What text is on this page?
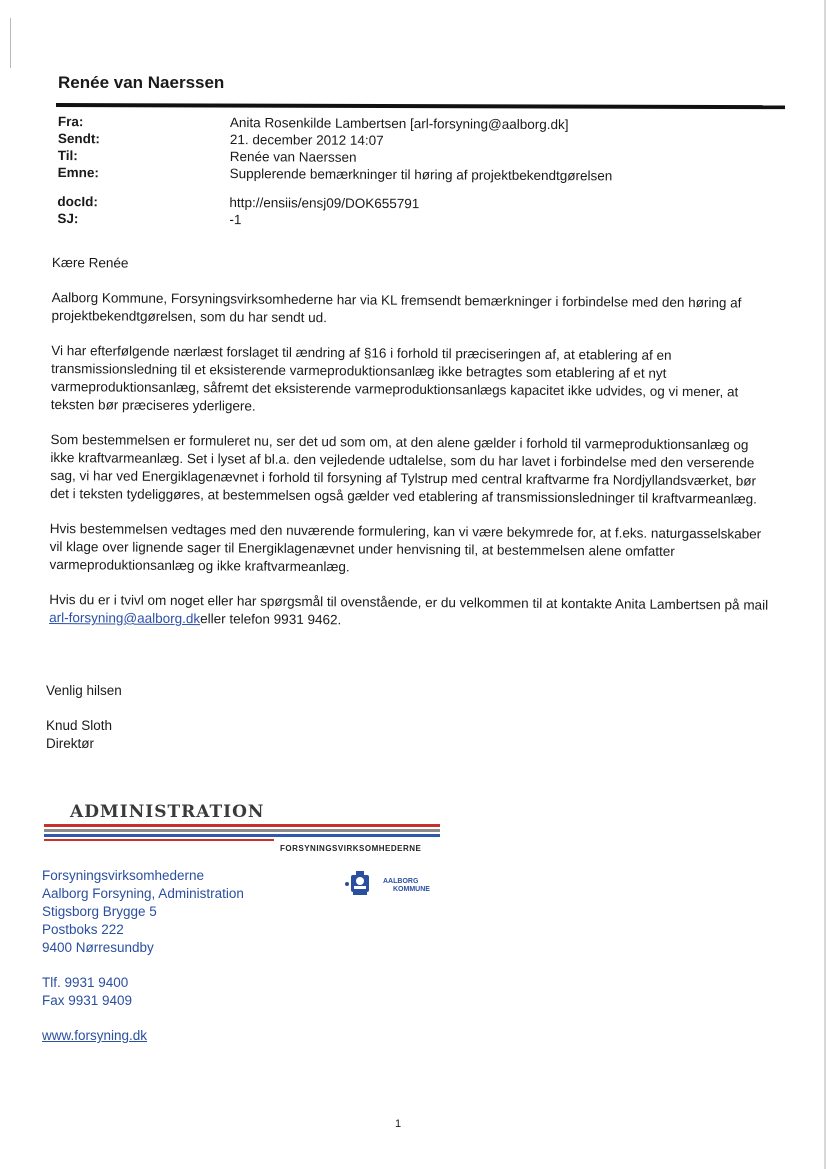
Renée van Naerssen
Fra:	Anita Rosenkilde Lambertsen [arl-forsyning@aalborg.dk]
Sendt:	21. december 2012 14:07
Til:	Renée van Naerssen
Emne:	Supplerende bemærkninger til høring af projektbekendtgørelsen
docId:	http://ensiis/ensj09/DOK655791
SJ:	-1

Kære Renée

Aalborg Kommune, Forsyningsvirksomhederne har via KL fremsendt bemærkninger i forbindelse med den høring af projektbekendtgørelsen, som du har sendt ud.

Vi har efterfølgende nærlæst forslaget til ændring af §16 i forhold til præciseringen af, at etablering af en transmissionsledning til et eksisterende varmeproduktionsanlæg ikke betragtes som etablering af et nyt varmeproduktionsanlæg, såfremt det eksisterende varmeproduktionsanlægs kapacitet ikke udvides, og vi mener, at teksten bør præciseres yderligere.

Som bestemmelsen er formuleret nu, ser det ud som om, at den alene gælder i forhold til varmeproduktionsanlæg og ikke kraftvarmeanlæg. Set i lyset af bl.a. den vejledende udtalelse, som du har lavet i forbindelse med den verserende sag, vi har ved Energiklagenævnet i forhold til forsyning af Tylstrup med central kraftvarme fra Nordjyllandsværket, bør det i teksten tydeliggøres, at bestemmelsen også gælder ved etablering af transmissionsledninger til kraftvarmeanlæg.

Hvis bestemmelsen vedtages med den nuværende formulering, kan vi være bekymrede for, at f.eks. naturgasselskaber vil klage over lignende sager til Energiklagenævnet under henvisning til, at bestemmelsen alene omfatter varmeproduktionsanlæg og ikke kraftvarmeanlæg.

Hvis du er i tvivl om noget eller har spørgsmål til ovenstående, er du velkommen til at kontakte Anita Lambertsen på mail arl-forsyning@aalborg.dkeller telefon 9931 9462.

Venlig hilsen
Knud Sloth
Direktør
ADMINISTRATION
FORSYNINGSVIRKSOMHEDERNE
Forsyningsvirksomhederne
Aalborg Forsyning, Administration
Stigsborg Brygge 5
Postboks 222
9400 Nørresundby
Tlf. 9931 9400
Fax 9931 9409
www.forsyning.dk
AALBORG
KOMMUNE
1
